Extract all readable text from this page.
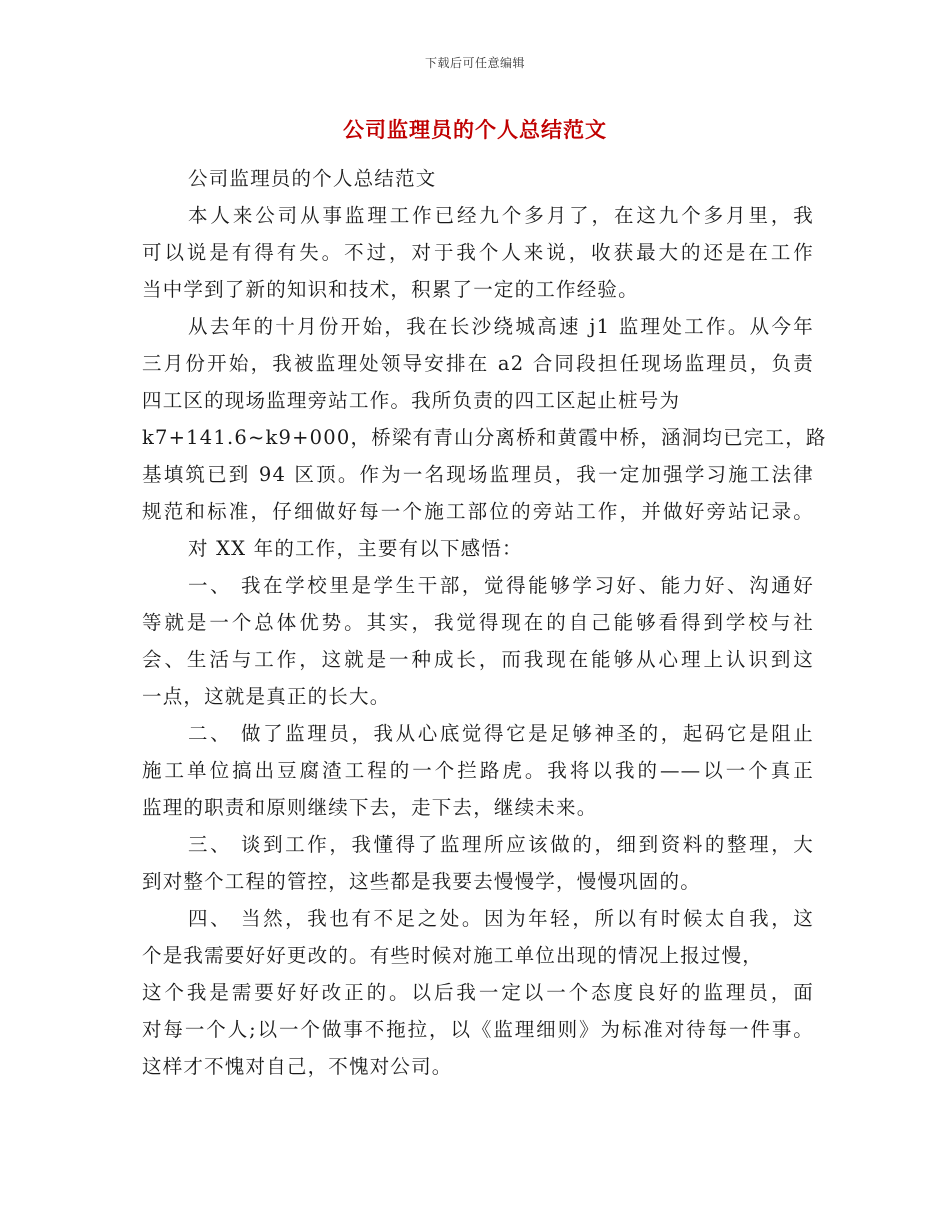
下载后可任意编辑
公司监理员的个人总结范文
公司监理员的个人总结范文
本人来公司从事监理工作已经九个多月了，在这九个多月里，我
可以说是有得有失。不过，对于我个人来说，收获最大的还是在工作
当中学到了新的知识和技术，积累了一定的工作经验。
从去年的十月份开始，我在长沙绕城高速 j1 监理处工作。从今年
三月份开始，我被监理处领导安排在 a2 合同段担任现场监理员，负责
四工区的现场监理旁站工作。我所负责的四工区起止桩号为
k7+141.6~k9+000，桥梁有青山分离桥和黄霞中桥，涵洞均已完工，路
基填筑已到 94 区顶。作为一名现场监理员，我一定加强学习施工法律
规范和标准，仔细做好每一个施工部位的旁站工作，并做好旁站记录。
对 XX 年的工作，主要有以下感悟：
一、 我在学校里是学生干部，觉得能够学习好、能力好、沟通好
等就是一个总体优势。其实，我觉得现在的自己能够看得到学校与社
会、生活与工作，这就是一种成长，而我现在能够从心理上认识到这
一点，这就是真正的长大。
二、 做了监理员，我从心底觉得它是足够神圣的，起码它是阻止
施工单位搞出豆腐渣工程的一个拦路虎。我将以我的——以一个真正
监理的职责和原则继续下去，走下去，继续未来。
三、 谈到工作，我懂得了监理所应该做的，细到资料的整理，大
到对整个工程的管控，这些都是我要去慢慢学，慢慢巩固的。
四、 当然，我也有不足之处。因为年轻，所以有时候太自我，这
个是我需要好好更改的。有些时候对施工单位出现的情况上报过慢，
这个我是需要好好改正的。以后我一定以一个态度良好的监理员，面
对每一个人;以一个做事不拖拉，以《监理细则》为标准对待每一件事。
这样才不愧对自己，不愧对公司。
